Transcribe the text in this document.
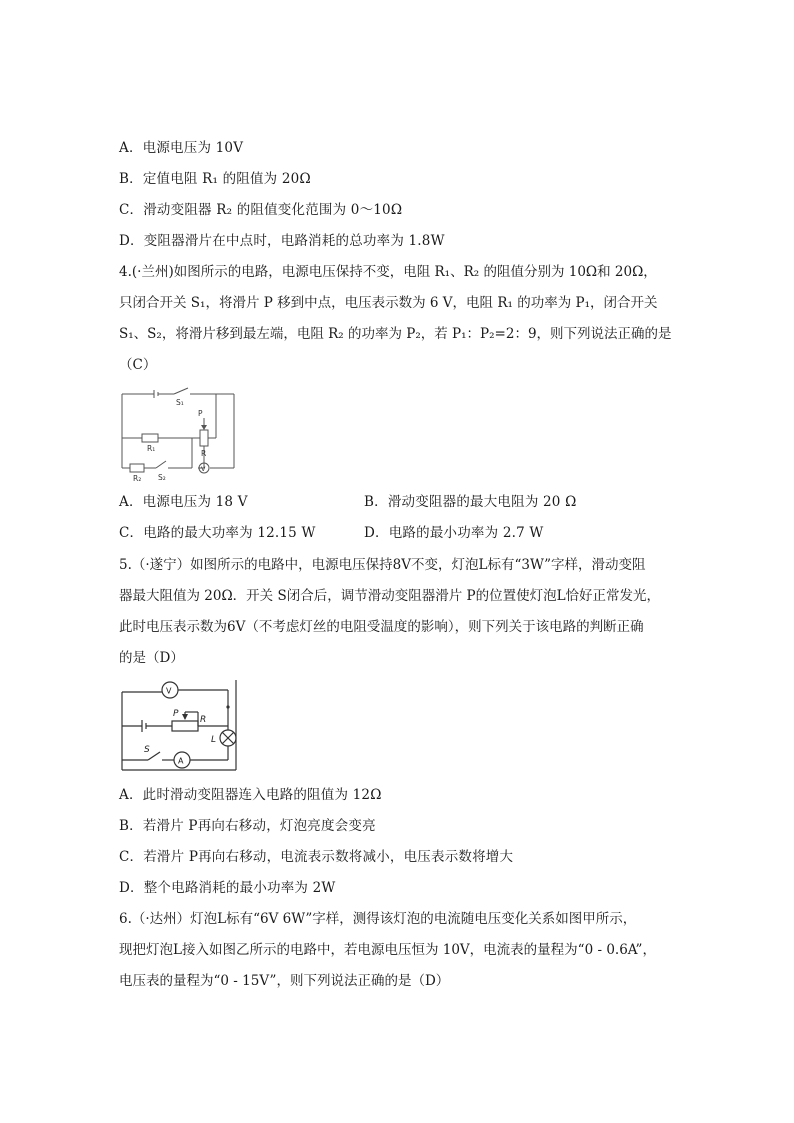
A．电源电压为 10V
B．定值电阻 R₁ 的阻值为 20Ω
C．滑动变阻器 R₂ 的阻值变化范围为 0～10Ω
D．变阻器滑片在中点时，电路消耗的总功率为 1.8W
4.(·兰州)如图所示的电路，电源电压保持不变，电阻 R₁、R₂ 的阻值分别为 10Ω和 20Ω，
只闭合开关 S₁，将滑片 P 移到中点，电压表示数为 6 V，电阻 R₁ 的功率为 P₁，闭合开关
S₁、S₂，将滑片移到最左端，电阻 R₂ 的功率为 P₂，若 P₁：P₂=2：9，则下列说法正确的是
（C）
S₁
P
R
R₁
R₂ S₂
V
A．电源电压为 18 V	B．滑动变阻器的最大电阻为 20 Ω
C．电路的最大功率为 12.15 W	D．电路的最小功率为 2.7 W
5.（·遂宁）如图所示的电路中，电源电压保持8V不变，灯泡L标有“3W”字样，滑动变阻
器最大阻值为 20Ω．开关 S闭合后，调节滑动变阻器滑片 P的位置使灯泡L恰好正常发光，
此时电压表示数为6V（不考虑灯丝的电阻受温度的影响），则下列关于该电路的判断正确
的是（D）
V
P
R
L
S
A
A．此时滑动变阻器连入电路的阻值为 12Ω
B．若滑片 P再向右移动，灯泡亮度会变亮
C．若滑片 P再向右移动，电流表示数将减小，电压表示数将增大
D．整个电路消耗的最小功率为 2W
6.（·达州）灯泡L标有“6V 6W”字样，测得该灯泡的电流随电压变化关系如图甲所示，
现把灯泡L接入如图乙所示的电路中，若电源电压恒为 10V，电流表的量程为“0 - 0.6A”，
电压表的量程为“0 - 15V”，则下列说法正确的是（D）
